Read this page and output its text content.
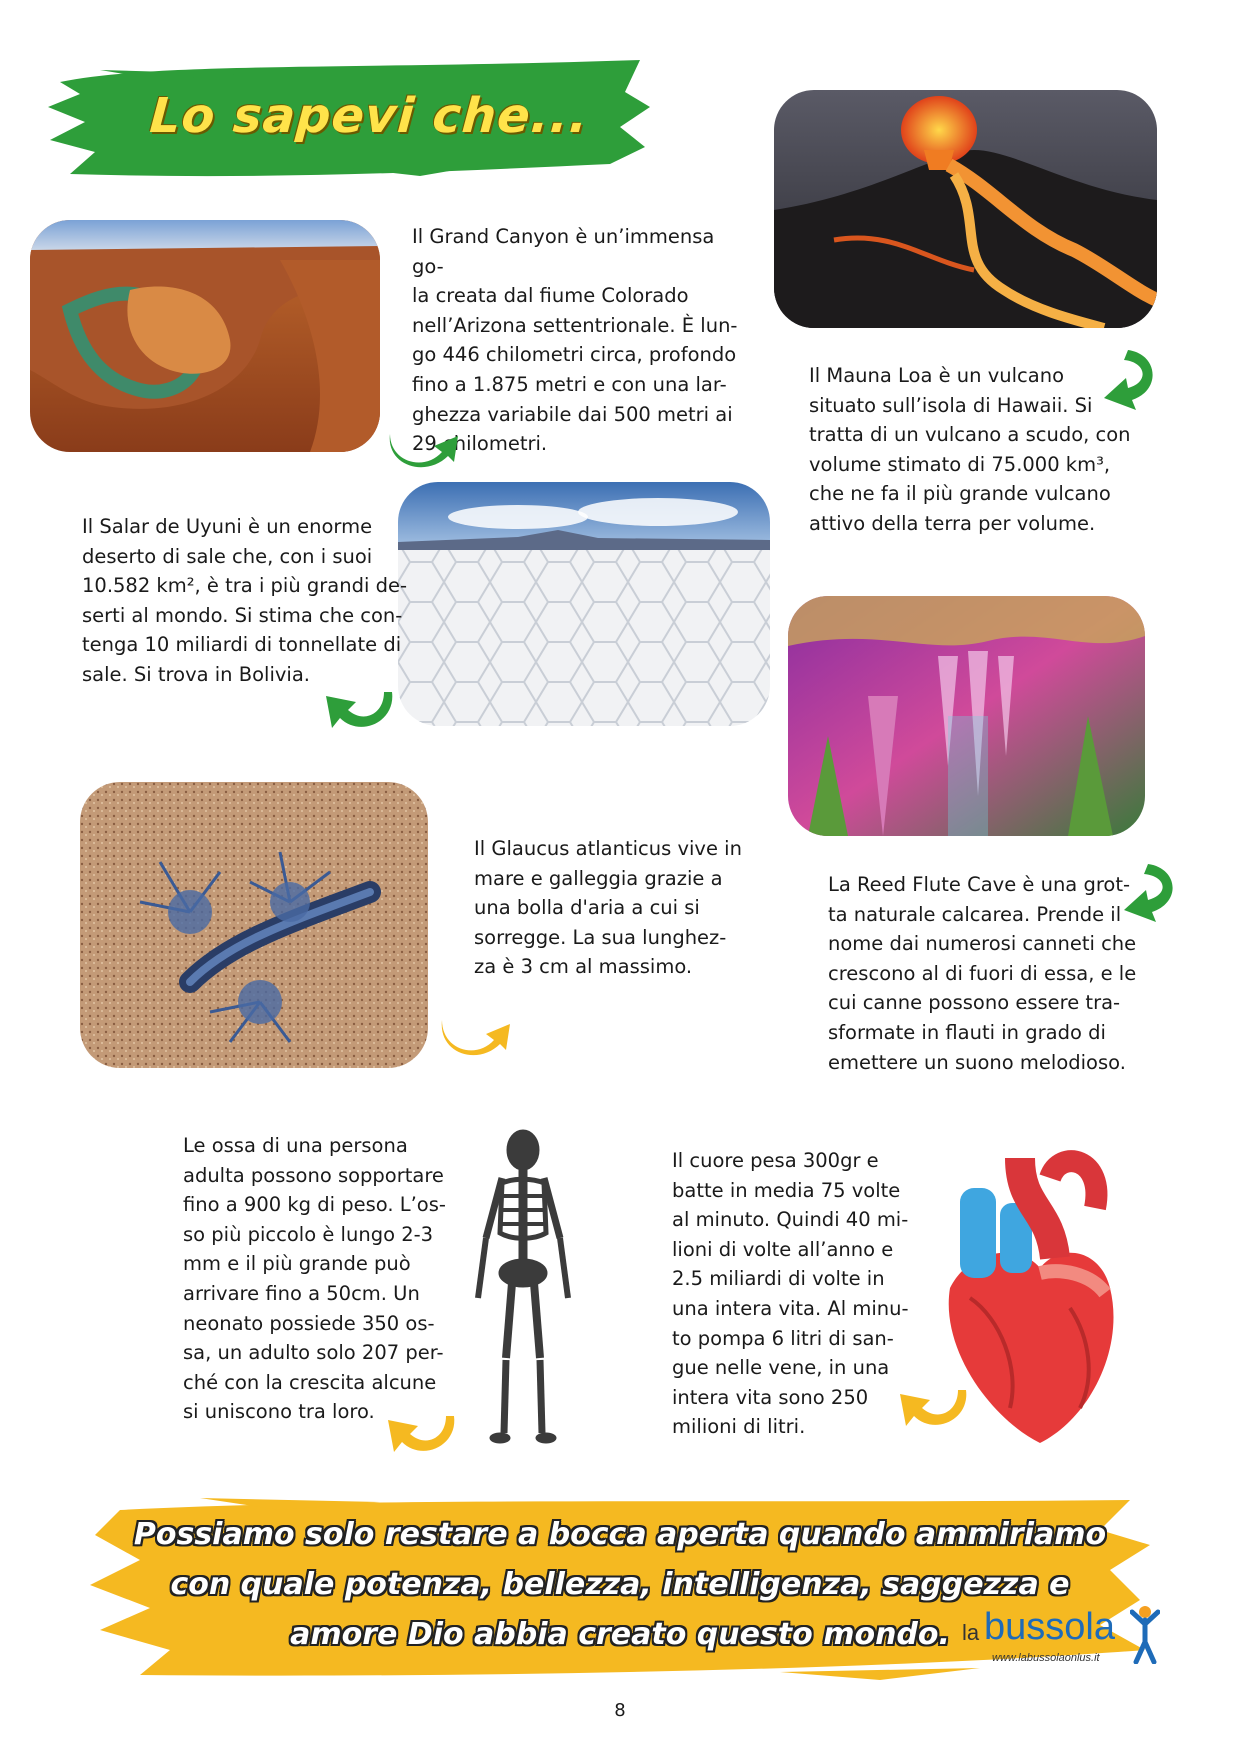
Lo sapevi che...

Il Grand Canyon è un’immensa go-
la creata dal fiume Colorado
nell’Arizona settentrionale. È lun-
go 446 chilometri circa, profondo
fino a 1.875 metri e con una lar-
ghezza variabile dai 500 metri ai
29 chilometri.

Il Mauna Loa è un vulcano
situato sull’isola di Hawaii. Si
tratta di un vulcano a scudo, con
volume stimato di 75.000 km³,
che ne fa il più grande vulcano
attivo della terra per volume.

Il Salar de Uyuni è un enorme
deserto di sale che, con i suoi
10.582 km², è tra i più grandi de-
serti al mondo. Si stima che con-
tenga 10 miliardi di tonnellate di
sale. Si trova in Bolivia.

Il Glaucus atlanticus vive in
mare e galleggia grazie a
una bolla d'aria a cui si
sorregge. La sua lunghez-
za è 3 cm al massimo.

La Reed Flute Cave è una grot-
ta naturale calcarea. Prende il
nome dai numerosi canneti che
crescono al di fuori di essa, e le
cui canne possono essere tra-
sformate in flauti in grado di
emettere un suono melodioso.

Le ossa di una persona
adulta possono sopportare
fino a 900 kg di peso. L’os-
so più piccolo è lungo 2-3
mm e il più grande può
arrivare fino a 50cm. Un
neonato possiede 350 os-
sa, un adulto solo 207 per-
ché con la crescita alcune
si uniscono tra loro.

Il cuore pesa 300gr e
batte in media 75 volte
al minuto. Quindi 40 mi-
lioni di volte all’anno e
2.5 miliardi di volte in
una intera vita. Al minu-
to pompa 6 litri di san-
gue nelle vene, in una
intera vita sono 250
milioni di litri.

Possiamo solo restare a bocca aperta quando ammiriamo con quale potenza, bellezza, intelligenza, saggezza e amore Dio abbia creato questo mondo. la bussola
www.labussolaonlus.it
8
